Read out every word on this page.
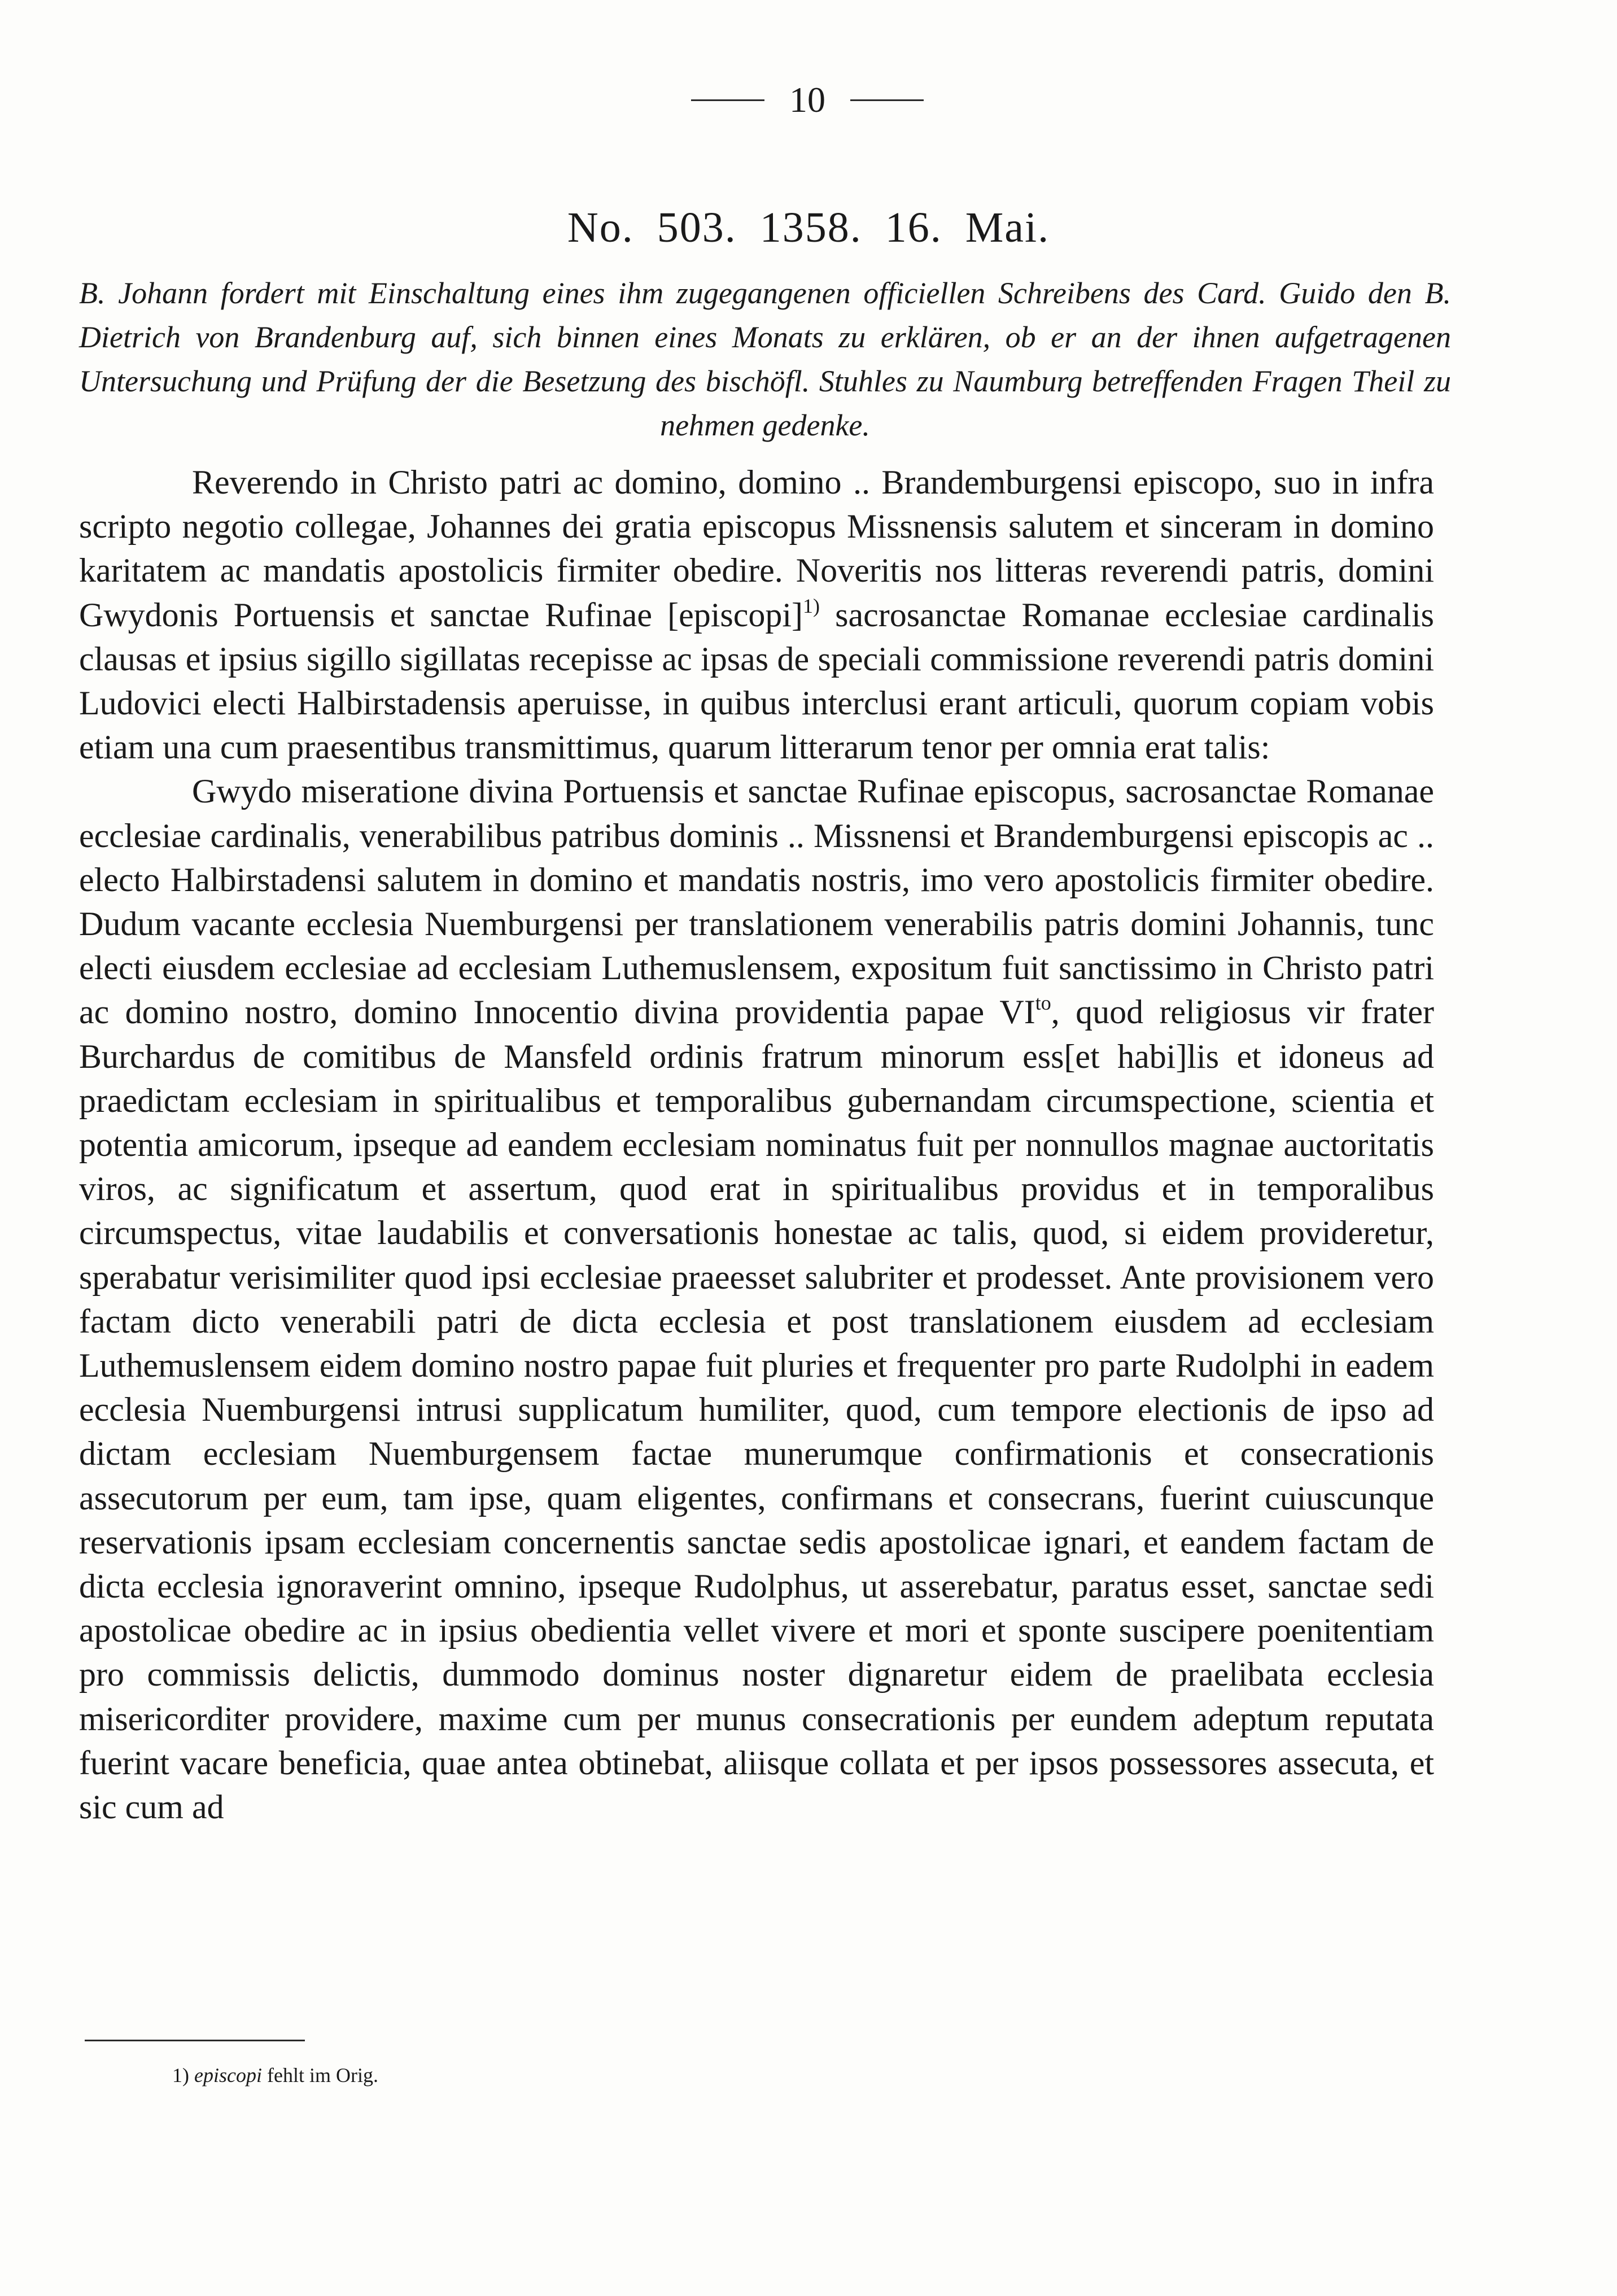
10
No. 503. 1358. 16. Mai.
B. Johann fordert mit Einschaltung eines ihm zugegangenen officiellen Schreibens des Card. Guido den B. Dietrich von Brandenburg auf, sich binnen eines Monats zu erklären, ob er an der ihnen aufgetragenen Untersuchung und Prüfung der die Besetzung des bischöfl. Stuhles zu Naumburg betreffenden Fragen Theil zu nehmen gedenke.

Reverendo in Christo patri ac domino, domino .. Brandemburgensi episcopo, suo in infra scripto negotio collegae, Johannes dei gratia episcopus Missnensis salutem et sinceram in domino karitatem ac mandatis apostolicis firmiter obedire. Noveritis nos litteras reverendi patris, domini Gwydonis Portuensis et sanctae Rufinae [episcopi]$^{1)}$ sacrosanctae Romanae ecclesiae cardinalis clausas et ipsius sigillo sigillatas recepisse ac ipsas de speciali commissione reverendi patris domini Ludovici electi Halbirstadensis aperuisse, in quibus interclusi erant articuli, quorum copiam vobis etiam una cum praesentibus transmittimus, quarum litterarum tenor per omnia erat talis:

Gwydo miseratione divina Portuensis et sanctae Rufinae episcopus, sacrosanctae Romanae ecclesiae cardinalis, venerabilibus patribus dominis .. Missnensi et Brandemburgensi episcopis ac .. electo Halbirstadensi salutem in domino et mandatis nostris, imo vero apostolicis firmiter obedire. Dudum vacante ecclesia Nuemburgensi per translationem venerabilis patris domini Johannis, tunc electi eiusdem ecclesiae ad ecclesiam Luthemuslensem, expositum fuit sanctissimo in Christo patri ac domino nostro, domino Innocentio divina providentia papae $VI^{to}$, quod religiosus vir frater Burchardus de comitibus de Mansfeld ordinis fratrum minorum ess[et habi]lis et idoneus ad praedictam ecclesiam in spiritualibus et temporalibus gubernandam circumspectione, scientia et potentia amicorum, ipseque ad eandem ecclesiam nominatus fuit per nonnullos magnae auctoritatis viros, ac significatum et assertum, quod erat in spiritualibus providus et in temporalibus circumspectus, vitae laudabilis et conversationis honestae ac talis, quod, si eidem provideretur, sperabatur verisimiliter quod ipsi ecclesiae praeesset salubriter et prodesset. Ante provisionem vero factam dicto venerabili patri de dicta ecclesia et post translationem eiusdem ad ecclesiam Luthemuslensem eidem domino nostro papae fuit pluries et frequenter pro parte Rudolphi in eadem ecclesia Nuemburgensi intrusi supplicatum humiliter, quod, cum tempore electionis de ipso ad dictam ecclesiam Nuemburgensem factae munerumque confirmationis et consecrationis assecutorum per eum, tam ipse, quam eligentes, confirmans et consecrans, fuerint cuiuscunque reservationis ipsam ecclesiam concernentis sanctae sedis apostolicae ignari, et eandem factam de dicta ecclesia ignoraverint omnino, ipseque Rudolphus, ut asserebatur, paratus esset, sanctae sedi apostolicae obedire ac in ipsius obedientia vellet vivere et mori et sponte suscipere poenitentiam pro commissis delictis, dummodo dominus noster dignaretur eidem de praelibata ecclesia misericorditer providere, maxime cum per munus consecrationis per eundem adeptum reputata fuerint vacare beneficia, quae antea obtinebat, aliisque collata et per ipsos possessores assecuta, et sic cum ad

1) episcopi fehlt im Orig.
